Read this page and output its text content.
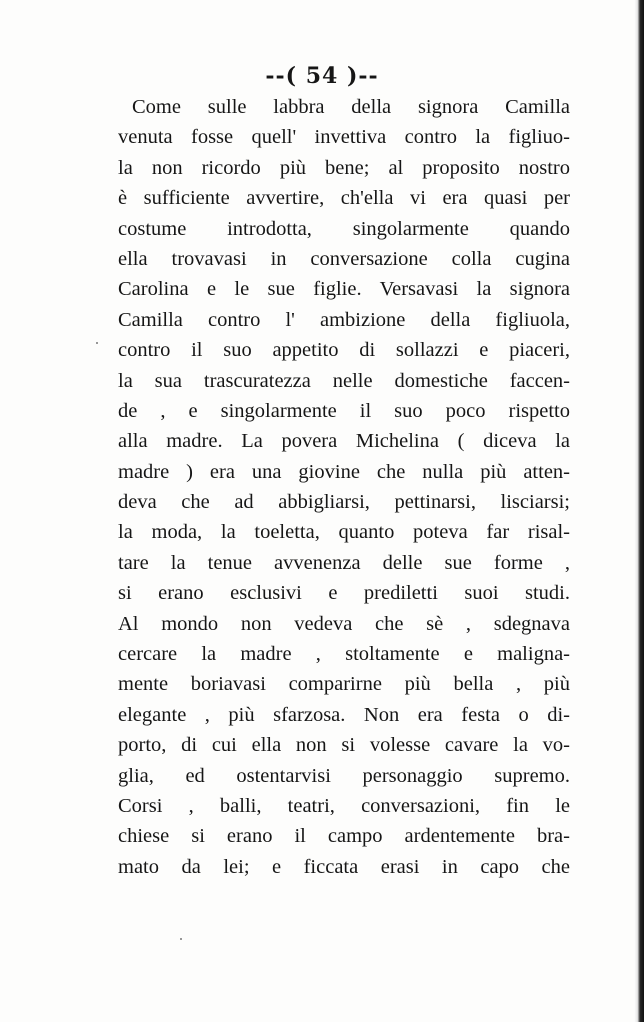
--( 54 )--
Come sulle labbra della signora Camilla
venuta fosse quell' invettiva contro la figliuo-
la non ricordo più bene; al proposito nostro
è sufficiente avvertire, ch'ella vi era quasi per
costume introdotta, singolarmente quando
ella trovavasi in conversazione colla cugina
Carolina e le sue figlie. Versavasi la signora
Camilla contro l' ambizione della figliuola,
contro il suo appetito di sollazzi e piaceri,
la sua trascuratezza nelle domestiche faccen-
de , e singolarmente il suo poco rispetto
alla madre. La povera Michelina ( diceva la
madre ) era una giovine che nulla più atten-
deva che ad abbigliarsi, pettinarsi, lisciarsi;
la moda, la toeletta, quanto poteva far risal-
tare la tenue avvenenza delle sue forme ,
si erano esclusivi e prediletti suoi studi.
Al mondo non vedeva che sè , sdegnava
cercare la madre , stoltamente e maligna-
mente boriavasi comparirne più bella , più
elegante , più sfarzosa. Non era festa o di-
porto, di cui ella non si volesse cavare la vo-
glia, ed ostentarvisi personaggio supremo.
Corsi , balli, teatri, conversazioni, fin le
chiese si erano il campo ardentemente bra-
mato da lei; e ficcata erasi in capo che
